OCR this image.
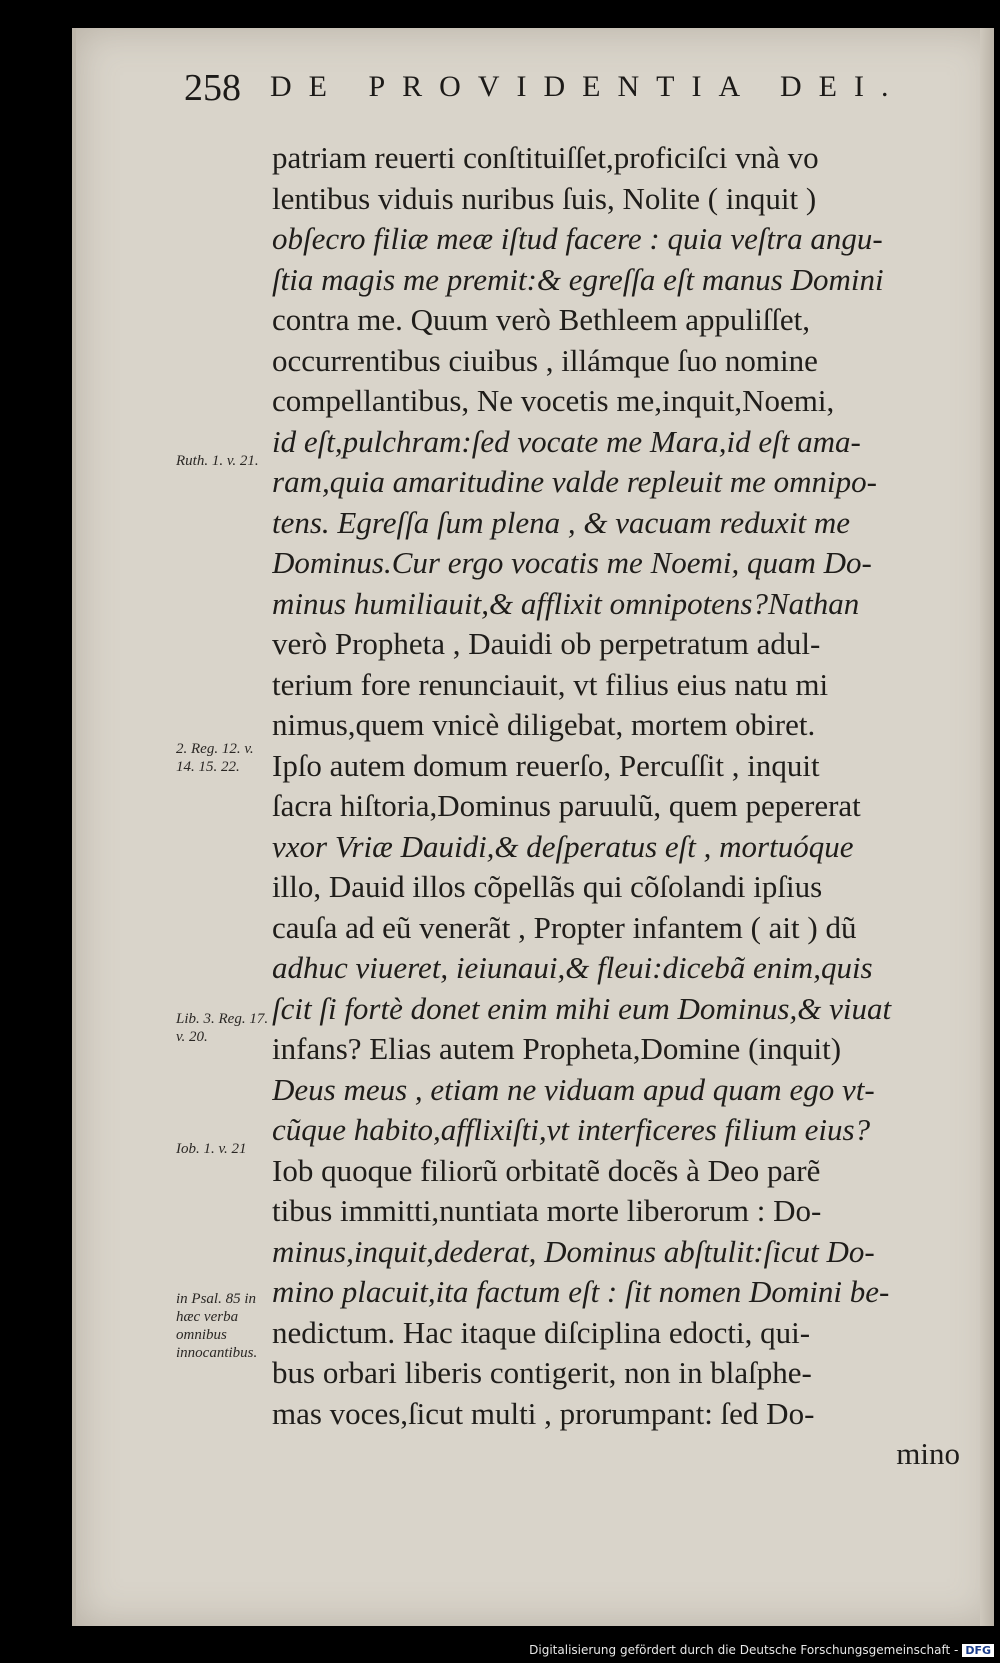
258 DE PROVIDENTIA DEI.
patriam reuerti conſtituiſſet,proficiſci vnà vo
lentibus viduis nuribus ſuis, Nolite ( inquit )
obſecro filiæ meæ iſtud facere : quia veſtra angu-
ſtia magis me premit:& egreſſa eſt manus Domini
contra me. Quum verò Bethleem appuliſſet,
occurrentibus ciuibus , illámque ſuo nomine
compellantibus, Ne vocetis me,inquit,Noemi,
id eſt,pulchram:ſed vocate me Mara,id eſt ama-
ram,quia amaritudine valde repleuit me omnipo-
tens. Egreſſa ſum plena , & vacuam reduxit me
Dominus.Cur ergo vocatis me Noemi, quam Do-
minus humiliauit,& afflixit omnipotens?Nathan
verò Propheta , Dauidi ob perpetratum adul-
terium fore renunciauit, vt filius eius natu mi
nimus,quem vnicè diligebat, mortem obiret.
Ipſo autem domum reuerſo, Percuſſit , inquit
ſacra hiſtoria,Dominus paruulũ, quem pepererat
vxor Vriæ Dauidi,& deſperatus eſt , mortuóque
illo, Dauid illos cõpellãs qui cõſolandi ipſius
cauſa ad eũ venerãt , Propter infantem ( ait ) dũ
adhuc viueret, ieiunaui,& fleui:dicebã enim,quis
ſcit ſi fortè donet enim mihi eum Dominus,& viuat
infans? Elias autem Propheta,Domine (inquit)
Deus meus , etiam ne viduam apud quam ego vt-
cũque habito,afflixiſti,vt interficeres filium eius?
Iob quoque filiorũ orbitatẽ docẽs à Deo parẽ
tibus immitti,nuntiata morte liberorum : Do-
minus,inquit,dederat, Dominus abſtulit:ſicut Do-
mino placuit,ita factum eſt : ſit nomen Domini be-
nedictum. Hac itaque diſciplina edocti, qui-
bus orbari liberis contigerit, non in blaſphe-
mas voces,ſicut multi , prorumpant: ſed Do-
mino
Ruth. 1. v. 21.
2. Reg. 12. v. 14. 15. 22.
Lib. 3. Reg. 17. v. 20.
Iob. 1. v. 21
in Psal. 85 in hæc verba omnibus innocantibus.
Digitalisierung gefördert durch die Deutsche Forschungsgemeinschaft - DFG
